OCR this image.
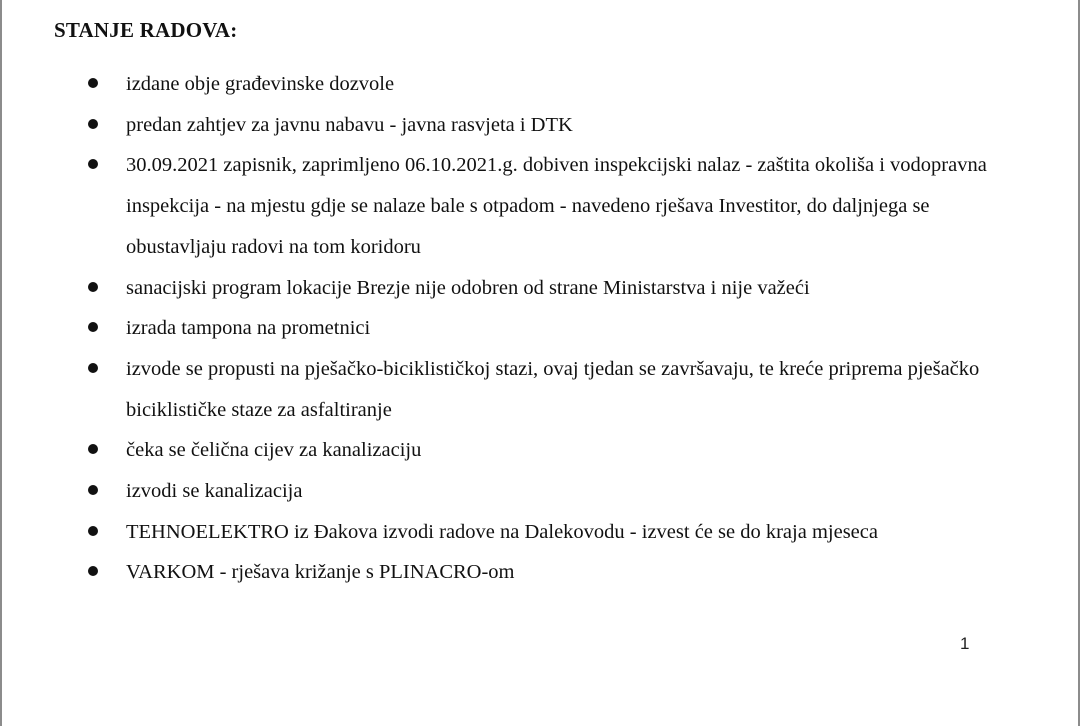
STANJE RADOVA:
izdane obje građevinske dozvole
predan zahtjev za javnu nabavu - javna rasvjeta i DTK
30.09.2021 zapisnik, zaprimljeno 06.10.2021.g. dobiven inspekcijski nalaz - zaštita okoliša i vodopravna inspekcija - na mjestu gdje se nalaze bale s otpadom - navedeno rješava Investitor, do daljnjega se obustavljaju radovi na tom koridoru
sanacijski program lokacije Brezje nije odobren od strane Ministarstva i nije važeći
izrada tampona na prometnici
izvode se propusti na pješačko-biciklističkoj stazi, ovaj tjedan se završavaju, te kreće priprema pješačko biciklističke staze za asfaltiranje
čeka se čelična cijev za kanalizaciju
izvodi se kanalizacija
TEHNOELEKTRO iz Đakova izvodi radove na Dalekovodu - izvest će se do kraja mjeseca
VARKOM - rješava križanje s PLINACRO-om
1
